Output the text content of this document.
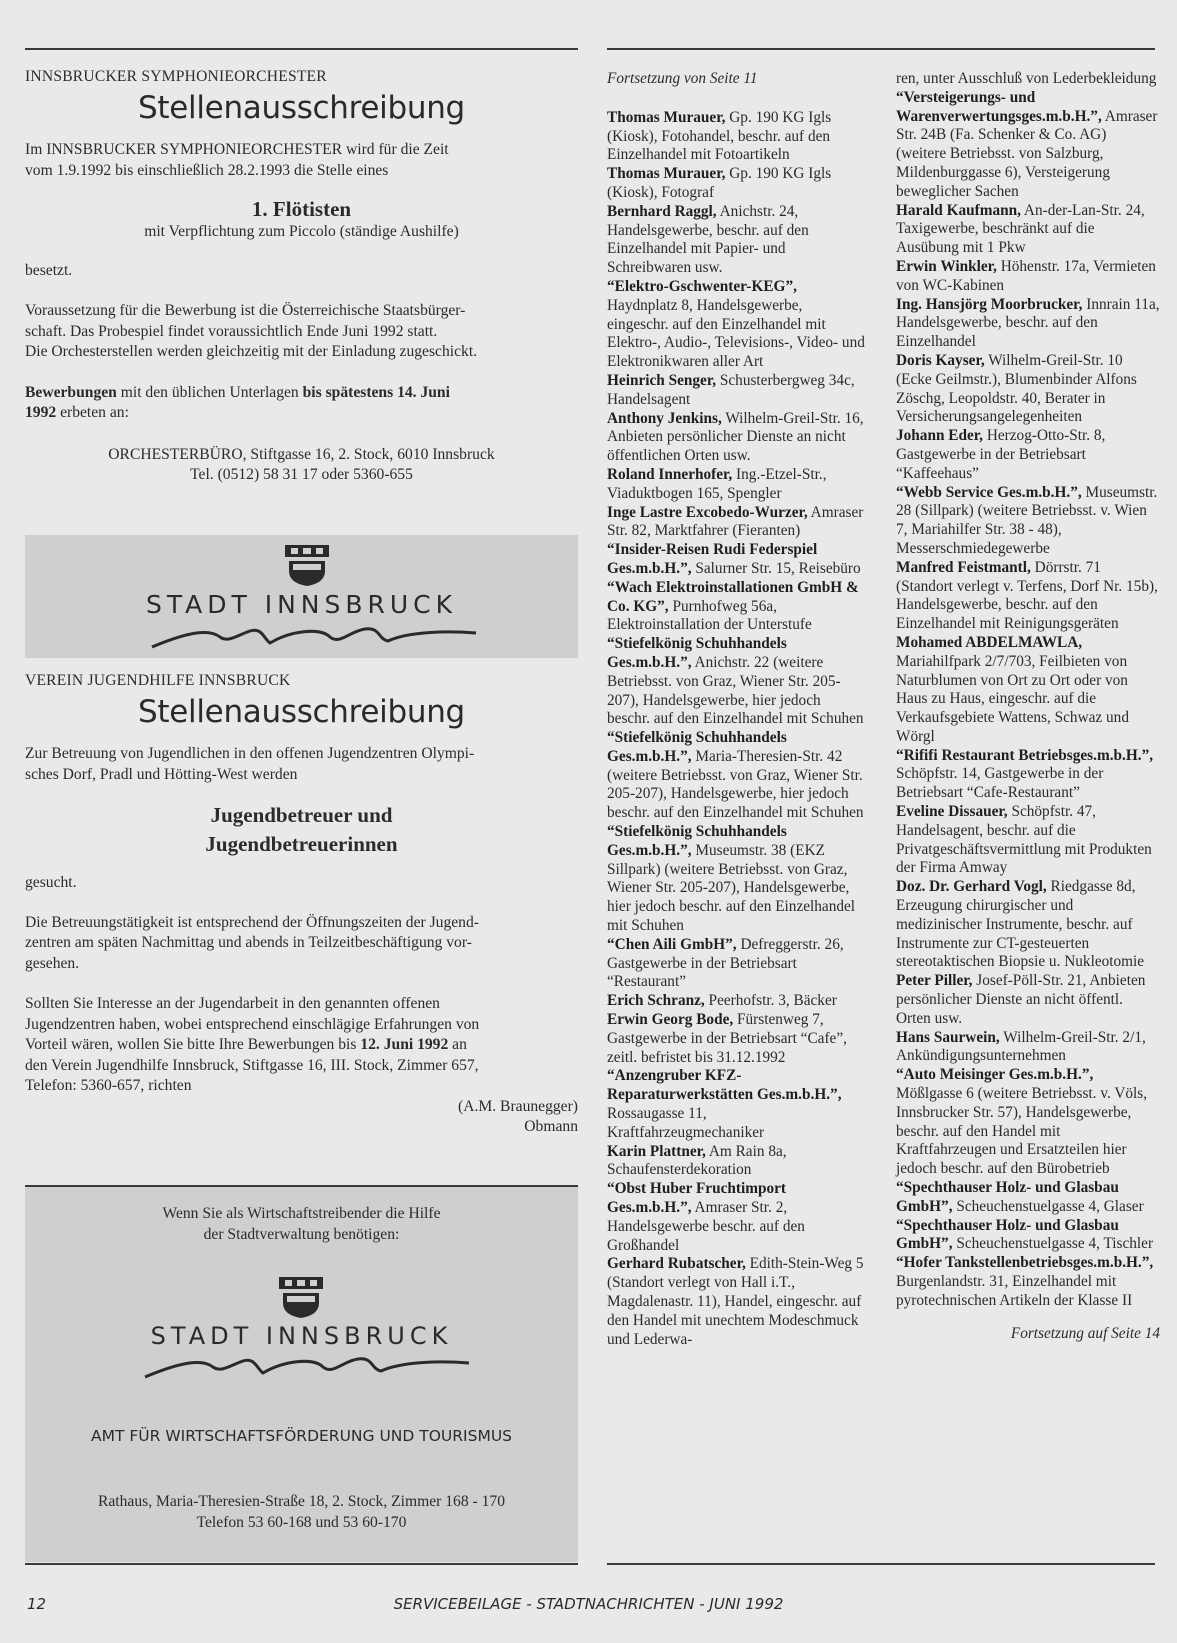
INNSBRUCKER SYMPHONIEORCHESTER
Stellenausschreibung

Im INNSBRUCKER SYMPHONIEORCHESTER wird für die Zeit

vom 1.9.1992 bis einschließlich 28.2.1993 die Stelle eines

1. Flötisten
mit Verpflichtung zum Piccolo (ständige Aushilfe)

besetzt.

Voraussetzung für die Bewerbung ist die Österreichische Staatsbürger-

schaft. Das Probespiel findet voraussichtlich Ende Juni 1992 statt.

Die Orchesterstellen werden gleichzeitig mit der Einladung zugeschickt.

Bewerbungen mit den üblichen Unterlagen bis spätestens 14. Juni
1992 erbeten an:

ORCHESTERBÜRO, Stiftgasse 16, 2. Stock, 6010 Innsbruck

Tel. (0512) 58 31 17 oder 5360-655

STADT INNSBRUCK
VEREIN JUGENDHILFE INNSBRUCK
Stellenausschreibung

Zur Betreuung von Jugendlichen in den offenen Jugendzentren Olympi-

sches Dorf, Pradl und Hötting-West werden

Jugendbetreuer und
Jugendbetreuerinnen

gesucht.

Die Betreuungstätigkeit ist entsprechend der Öffnungszeiten der Jugend-

zentren am späten Nachmittag und abends in Teilzeitbeschäftigung vor-

gesehen.

Sollten Sie Interesse an der Jugendarbeit in den genannten offenen

Jugendzentren haben, wobei entsprechend einschlägige Erfahrungen von

Vorteil wären, wollen Sie bitte Ihre Bewerbungen bis 12. Juni 1992 an

den Verein Jugendhilfe Innsbruck, Stiftgasse 16, III. Stock, Zimmer 657,

Telefon: 5360-657, richten

(A.M. Braunegger)

Obmann

Wenn Sie als Wirtschaftstreibender die Hilfe

der Stadtverwaltung benötigen:

STADT INNSBRUCK
AMT FÜR WIRTSCHAFTSFÖRDERUNG UND TOURISMUS

Rathaus, Maria-Theresien-Straße 18, 2. Stock, Zimmer 168 - 170

Telefon 53 60-168 und 53 60-170

Fortsetzung von Seite 11

Thomas Murauer, Gp. 190 KG Igls (Kiosk), Fotohandel, beschr. auf den Einzelhandel mit Fotoartikeln

Thomas Murauer, Gp. 190 KG Igls (Kiosk), Fotograf

Bernhard Raggl, Anichstr. 24, Handelsgewerbe, beschr. auf den Einzelhandel mit Papier- und Schreibwaren usw.

“Elektro-Gschwenter-KEG”, Haydnplatz 8, Handelsgewerbe, eingeschr. auf den Einzelhandel mit Elektro-, Audio-, Televisions-, Video- und Elektronikwaren aller Art

Heinrich Senger, Schusterbergweg 34c, Handelsagent

Anthony Jenkins, Wilhelm-Greil-Str. 16, Anbieten persönlicher Dienste an nicht öffentlichen Orten usw.

Roland Innerhofer, Ing.-Etzel-Str., Viaduktbogen 165, Spengler

Inge Lastre Excobedo-Wurzer, Amraser Str. 82, Marktfahrer (Fieranten)

“Insider-Reisen Rudi Federspiel Ges.m.b.H.”, Salurner Str. 15, Reisebüro

“Wach Elektroinstallationen GmbH & Co. KG”, Purnhofweg 56a, Elektroinstallation der Unterstufe

“Stiefelkönig Schuhhandels Ges.m.b.H.”, Anichstr. 22 (weitere Betriebsst. von Graz, Wiener Str. 205-207), Handelsgewerbe, hier jedoch beschr. auf den Einzelhandel mit Schuhen

“Stiefelkönig Schuhhandels Ges.m.b.H.”, Maria-Theresien-Str. 42 (weitere Betriebsst. von Graz, Wiener Str. 205-207), Handelsgewerbe, hier jedoch beschr. auf den Einzelhandel mit Schuhen

“Stiefelkönig Schuhhandels Ges.m.b.H.”, Museumstr. 38 (EKZ Sillpark) (weitere Betriebsst. von Graz, Wiener Str. 205-207), Handelsgewerbe, hier jedoch beschr. auf den Einzelhandel mit Schuhen

“Chen Aili GmbH”, Defreggerstr. 26, Gastgewerbe in der Betriebsart “Restaurant”

Erich Schranz, Peerhofstr. 3, Bäcker

Erwin Georg Bode, Fürstenweg 7, Gastgewerbe in der Betriebsart “Cafe”, zeitl. befristet bis 31.12.1992

“Anzengruber KFZ-Reparaturwerkstätten Ges.m.b.H.”, Rossaugasse 11, Kraftfahrzeugmechaniker

Karin Plattner, Am Rain 8a, Schaufensterdekoration

“Obst Huber Fruchtimport Ges.m.b.H.”, Amraser Str. 2, Handelsgewerbe beschr. auf den Großhandel

Gerhard Rubatscher, Edith-Stein-Weg 5 (Standort verlegt von Hall i.T., Magdalenastr. 11), Handel, eingeschr. auf den Handel mit unechtem Modeschmuck und Lederwa-

ren, unter Ausschluß von Lederbekleidung

“Versteigerungs- und Warenverwertungsges.m.b.H.”, Amraser Str. 24B (Fa. Schenker & Co. AG) (weitere Betriebsst. von Salzburg, Mildenburggasse 6), Versteigerung beweglicher Sachen

Harald Kaufmann, An-der-Lan-Str. 24, Taxigewerbe, beschränkt auf die Ausübung mit 1 Pkw

Erwin Winkler, Höhenstr. 17a, Vermieten von WC-Kabinen

Ing. Hansjörg Moorbrucker, Innrain 11a, Handelsgewerbe, beschr. auf den Einzelhandel

Doris Kayser, Wilhelm-Greil-Str. 10 (Ecke Geilmstr.), Blumenbinder Alfons Zöschg, Leopoldstr. 40, Berater in Versicherungsangelegenheiten

Johann Eder, Herzog-Otto-Str. 8, Gastgewerbe in der Betriebsart “Kaffeehaus”

“Webb Service Ges.m.b.H.”, Museumstr. 28 (Sillpark) (weitere Betriebsst. v. Wien 7, Mariahilfer Str. 38 - 48), Messerschmiedegewerbe

Manfred Feistmantl, Dörrstr. 71 (Standort verlegt v. Terfens, Dorf Nr. 15b), Handelsgewerbe, beschr. auf den Einzelhandel mit Reinigungsgeräten

Mohamed ABDELMAWLA, Mariahilfpark 2/7/703, Feilbieten von Naturblumen von Ort zu Ort oder von Haus zu Haus, eingeschr. auf die Verkaufsgebiete Wattens, Schwaz und Wörgl

“Rififi Restaurant Betriebsges.m.b.H.”, Schöpfstr. 14, Gastgewerbe in der Betriebsart “Cafe-Restaurant”

Eveline Dissauer, Schöpfstr. 47, Handelsagent, beschr. auf die Privatgeschäftsvermittlung mit Produkten der Firma Amway

Doz. Dr. Gerhard Vogl, Riedgasse 8d, Erzeugung chirurgischer und medizinischer Instrumente, beschr. auf Instrumente zur CT-gesteuerten stereotaktischen Biopsie u. Nukleotomie

Peter Piller, Josef-Pöll-Str. 21, Anbieten persönlicher Dienste an nicht öffentl. Orten usw.

Hans Saurwein, Wilhelm-Greil-Str. 2/1, Ankündigungsunternehmen

“Auto Meisinger Ges.m.b.H.”, Mößlgasse 6 (weitere Betriebsst. v. Völs, Innsbrucker Str. 57), Handelsgewerbe, beschr. auf den Handel mit Kraftfahrzeugen und Ersatzteilen hier jedoch beschr. auf den Bürobetrieb

“Spechthauser Holz- und Glasbau GmbH”, Scheuchenstuelgasse 4, Glaser

“Spechthauser Holz- und Glasbau GmbH”, Scheuchenstuelgasse 4, Tischler

“Hofer Tankstellenbetriebsges.m.b.H.”, Burgenlandstr. 31, Einzelhandel mit pyrotechnischen Artikeln der Klasse II

Fortsetzung auf Seite 14

12	SERVICEBEILAGE - STADTNACHRICHTEN - JUNI 1992
